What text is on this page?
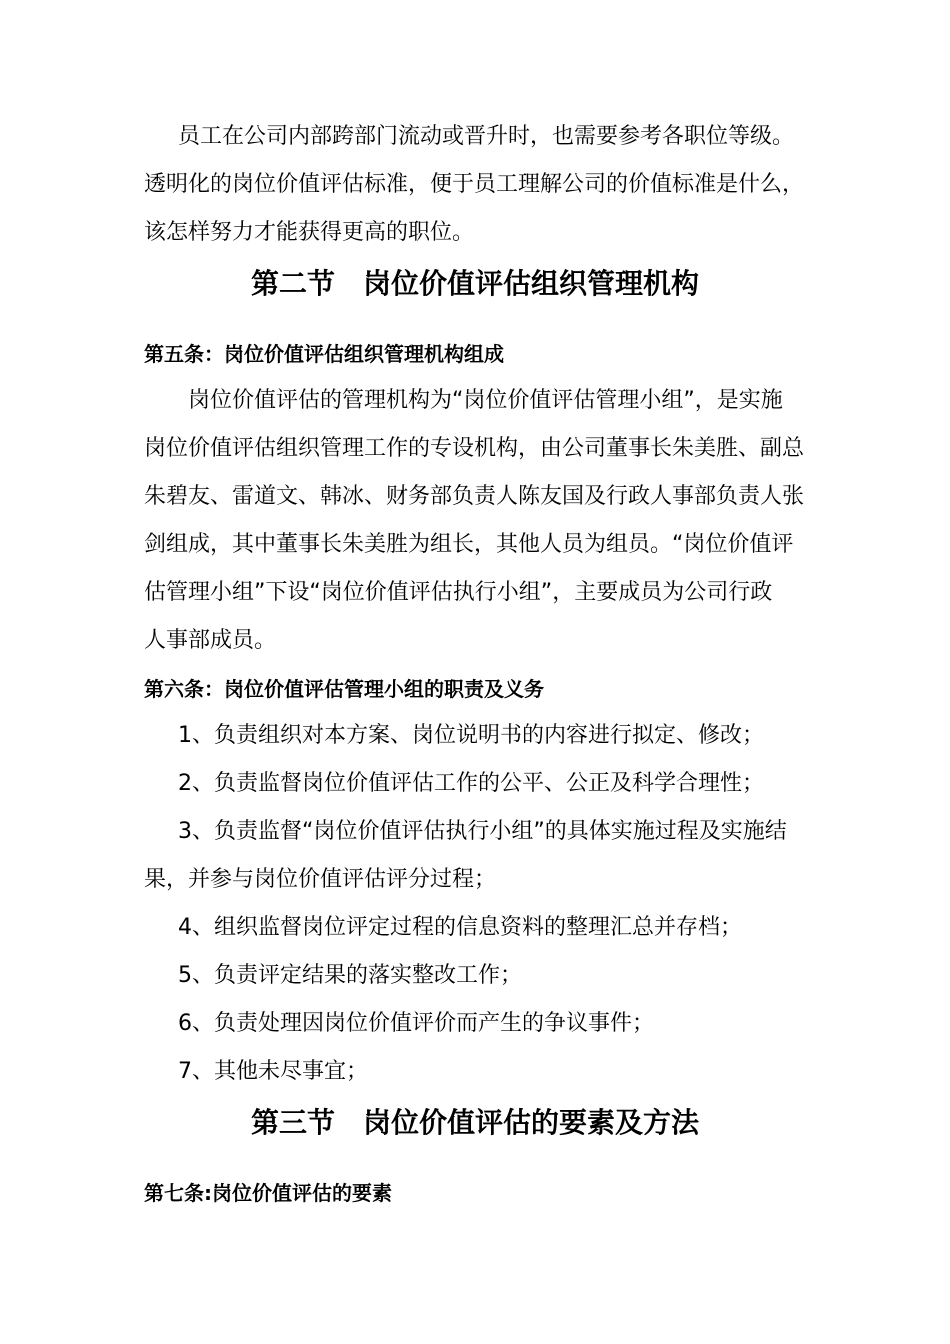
员工在公司内部跨部门流动或晋升时，也需要参考各职位等级。
透明化的岗位价值评估标准，便于员工理解公司的价值标准是什么，
该怎样努力才能获得更高的职位。
第二节　岗位价值评估组织管理机构
第五条：岗位价值评估组织管理机构组成
岗位价值评估的管理机构为“岗位价值评估管理小组”，是实施
岗位价值评估组织管理工作的专设机构，由公司董事长朱美胜、副总
朱碧友、雷道文、韩冰、财务部负责人陈友国及行政人事部负责人张
剑组成，其中董事长朱美胜为组长，其他人员为组员。“岗位价值评
估管理小组”下设“岗位价值评估执行小组”，主要成员为公司行政
人事部成员。
第六条：岗位价值评估管理小组的职责及义务
1、负责组织对本方案、岗位说明书的内容进行拟定、修改；
2、负责监督岗位价值评估工作的公平、公正及科学合理性；
3、负责监督“岗位价值评估执行小组”的具体实施过程及实施结
果，并参与岗位价值评估评分过程；
4、组织监督岗位评定过程的信息资料的整理汇总并存档；
5、负责评定结果的落实整改工作；
6、负责处理因岗位价值评价而产生的争议事件；
7、其他未尽事宜；
第三节　岗位价值评估的要素及方法
第七条:岗位价值评估的要素
